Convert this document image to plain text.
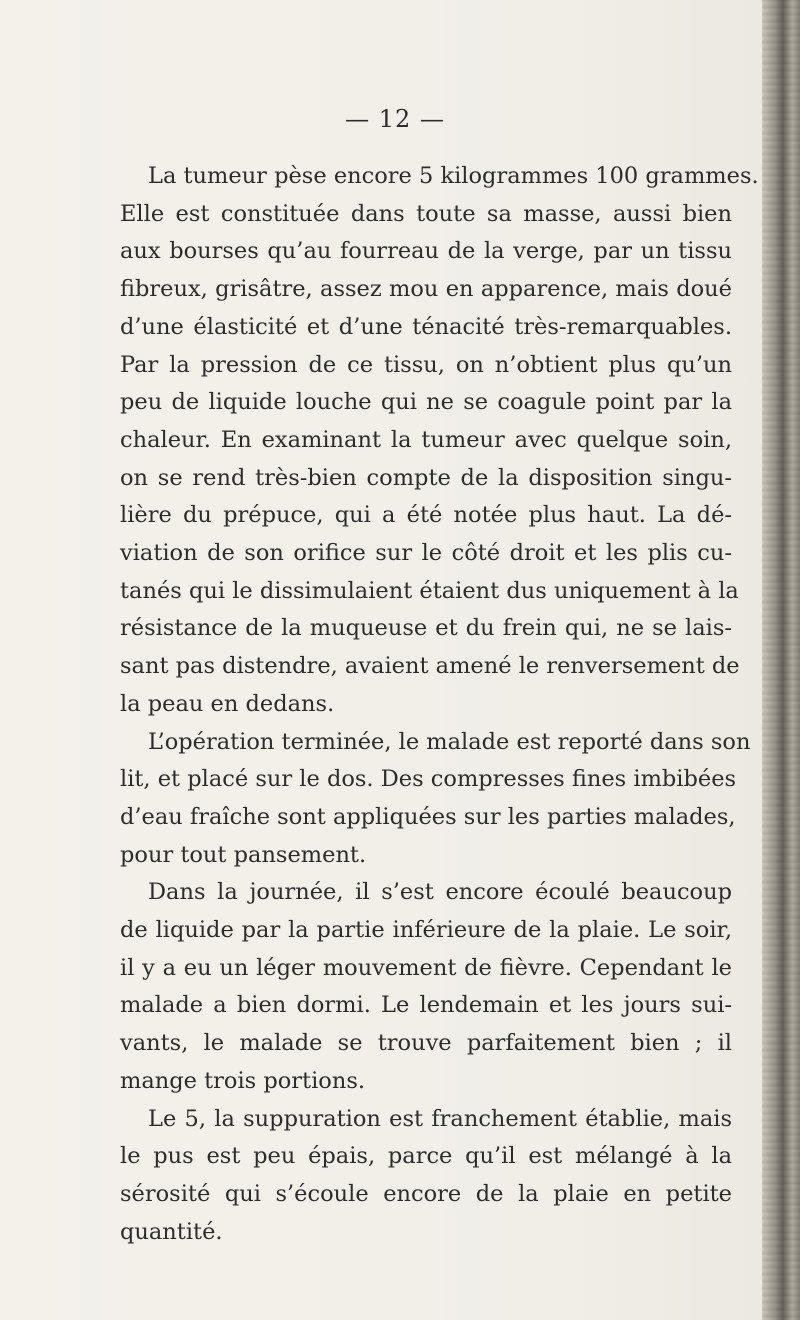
— 12 —

La tumeur pèse encore 5 kilogrammes 100 grammes.
Elle est constituée dans toute sa masse, aussi bien
aux bourses qu’au fourreau de la verge, par un tissu
fibreux, grisâtre, assez mou en apparence, mais doué
d’une élasticité et d’une ténacité très-remarquables.
Par la pression de ce tissu, on n’obtient plus qu’un
peu de liquide louche qui ne se coagule point par la
chaleur. En examinant la tumeur avec quelque soin,
on se rend très-bien compte de la disposition singu-
lière du prépuce, qui a été notée plus haut. La dé-
viation de son orifice sur le côté droit et les plis cu-
tanés qui le dissimulaient étaient dus uniquement à la
résistance de la muqueuse et du frein qui, ne se lais-
sant pas distendre, avaient amené le renversement de
la peau en dedans.

L’opération terminée, le malade est reporté dans son
lit, et placé sur le dos. Des compresses fines imbibées
d’eau fraîche sont appliquées sur les parties malades,
pour tout pansement.

Dans la journée, il s’est encore écoulé beaucoup
de liquide par la partie inférieure de la plaie. Le soir,
il y a eu un léger mouvement de fièvre. Cependant le
malade a bien dormi. Le lendemain et les jours sui-
vants, le malade se trouve parfaitement bien ; il
mange trois portions.

Le 5, la suppuration est franchement établie, mais
le pus est peu épais, parce qu’il est mélangé à la
sérosité qui s’écoule encore de la plaie en petite
quantité.
